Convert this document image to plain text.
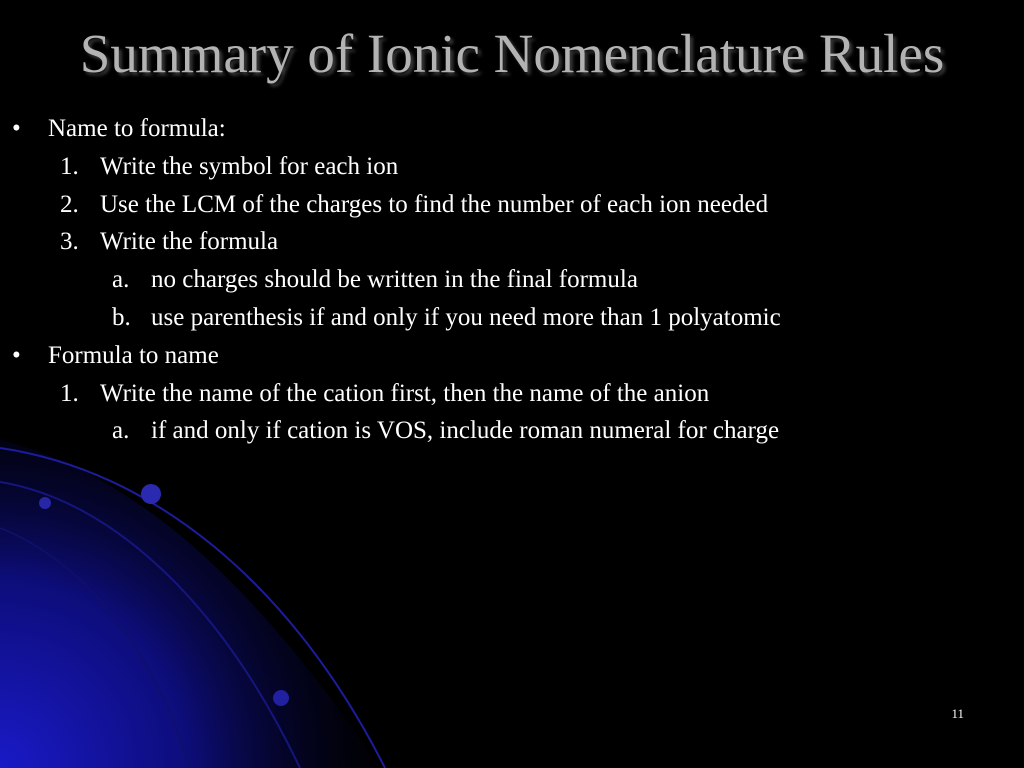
Summary of Ionic Nomenclature Rules
• Name to formula:
1. Write the symbol for each ion
2. Use the LCM of the charges to find the number of each ion needed
3. Write the formula
a. no charges should be written in the final formula
b. use parenthesis if and only if you need more than 1 polyatomic
• Formula to name
1. Write the name of the cation first, then the name of the anion
a. if and only if cation is VOS, include roman numeral for charge
11
